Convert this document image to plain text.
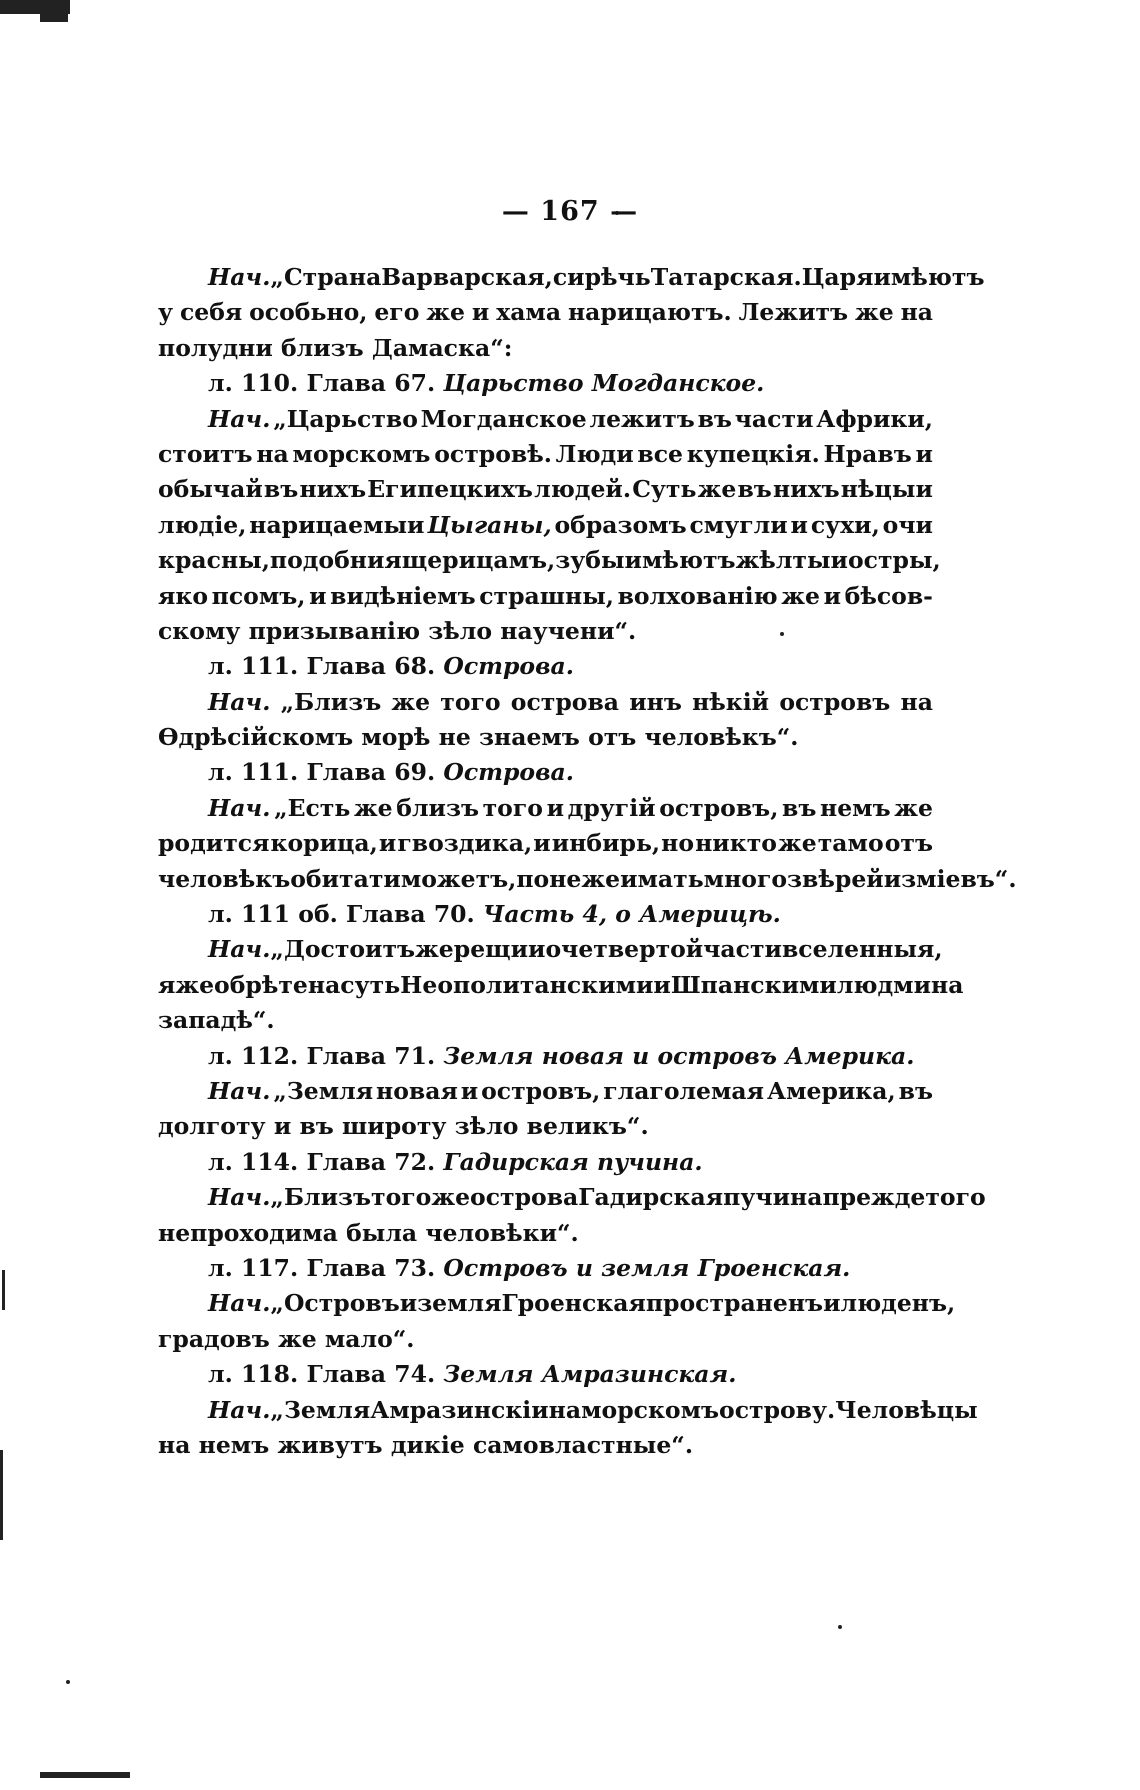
— 167 —
Нач. „Страна Варварская, сирѣчь Татарская. Царя имѣютъ
у себя особьно, его же и хама нарицаютъ. Лежитъ же на
полудни близъ Дамаска“:
л. 110. Глава 67. Царьство Могданское.
Нач. „Царьство Могданское лежитъ въ части Африки,
стоитъ на морскомъ островѣ. Люди все купецкія. Нравъ и
обычай въ нихъ Египецкихъ людей. Суть же въ нихъ нѣцыи
людіе, нарицаемыи Цыганы, образомъ смугли и сухи, очи
красны, подобни ящерицамъ, зубы имѣютъ жѣлты и остры,
яко псомъ, и видѣніемъ страшны, волхованію же и бѣсов-
скому призыванію зѣло научени“.
л. 111. Глава 68. Острова.
Нач. „Близъ же того острова инъ нѣкій островъ на
Ѳдрѣсійскомъ морѣ не знаемъ отъ человѣкъ“.
л. 111. Глава 69. Острова.
Нач. „Есть же близъ того и другій островъ, въ немъ же
родится корица, и гвоздика, и инбирь, но никто же тамо отъ
человѣкъ обитати можетъ, понеже имать много звѣрей и зміевъ“.
л. 111 об. Глава 70. Часть 4, о Америцѣ.
Нач. „Достоитъ же рещи и о четвертой части вселенныя,
яже обрѣтена суть Неополитанскими и Шпанскими людми на
западѣ“.
л. 112. Глава 71. Земля новая и островъ Америка.
Нач. „Земля новая и островъ, глаголемая Америка, въ
долготу и въ широту зѣло великъ“.
л. 114. Глава 72. Гадирская пучина.
Нач. „Близъ того же острова Гадирская пучина прежде того
непроходима была человѣки“.
л. 117. Глава 73. Островъ и земля Гроенская.
Нач. „Островъ и земля Гроенская пространенъ и люденъ,
градовъ же мало“.
л. 118. Глава 74. Земля Амразинская.
Нач. „Земля Амразинскіи на морскомъ острову. Человѣцы
на немъ живутъ дикіе самовластные“.
